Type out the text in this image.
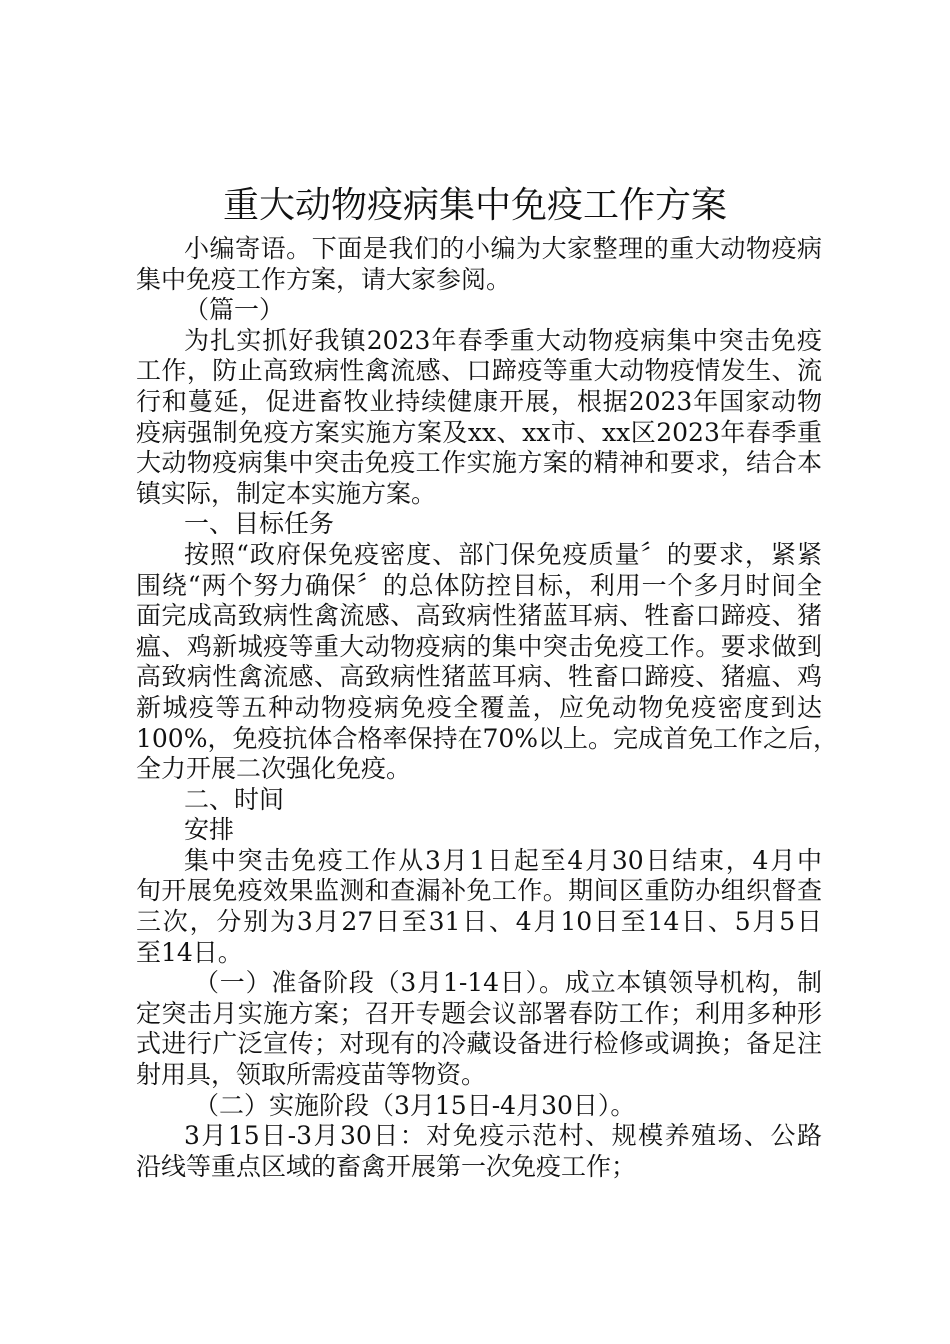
重大动物疫病集中免疫工作方案
小编寄语。下面是我们的小编为大家整理的重大动物疫病
集中免疫工作方案，请大家参阅。
（篇一）
为扎实抓好我镇2023年春季重大动物疫病集中突击免疫
工作，防止高致病性禽流感、口蹄疫等重大动物疫情发生、流
行和蔓延，促进畜牧业持续健康开展，根据2023年国家动物
疫病强制免疫方案实施方案及xx、xx市、xx区2023年春季重
大动物疫病集中突击免疫工作实施方案的精神和要求，结合本
镇实际，制定本实施方案。
一、目标任务
按照“政府保免疫密度、部门保免疫质量〞的要求，紧紧
围绕“两个努力确保〞的总体防控目标，利用一个多月时间全
面完成高致病性禽流感、高致病性猪蓝耳病、牲畜口蹄疫、猪
瘟、鸡新城疫等重大动物疫病的集中突击免疫工作。要求做到
高致病性禽流感、高致病性猪蓝耳病、牲畜口蹄疫、猪瘟、鸡
新城疫等五种动物疫病免疫全覆盖，应免动物免疫密度到达
100%，免疫抗体合格率保持在70%以上。完成首免工作之后，
全力开展二次强化免疫。
二、时间
安排
集中突击免疫工作从3月1日起至4月30日结束，4月中
旬开展免疫效果监测和查漏补免工作。期间区重防办组织督查
三次，分别为3月27日至31日、4月10日至14日、5月5日
至14日。
（一）准备阶段（3月1-14日）。成立本镇领导机构，制
定突击月实施方案；召开专题会议部署春防工作；利用多种形
式进行广泛宣传；对现有的冷藏设备进行检修或调换；备足注
射用具，领取所需疫苗等物资。
（二）实施阶段（3月15日-4月30日）。
3月15日-3月30日：对免疫示范村、规模养殖场、公路
沿线等重点区域的畜禽开展第一次免疫工作；
